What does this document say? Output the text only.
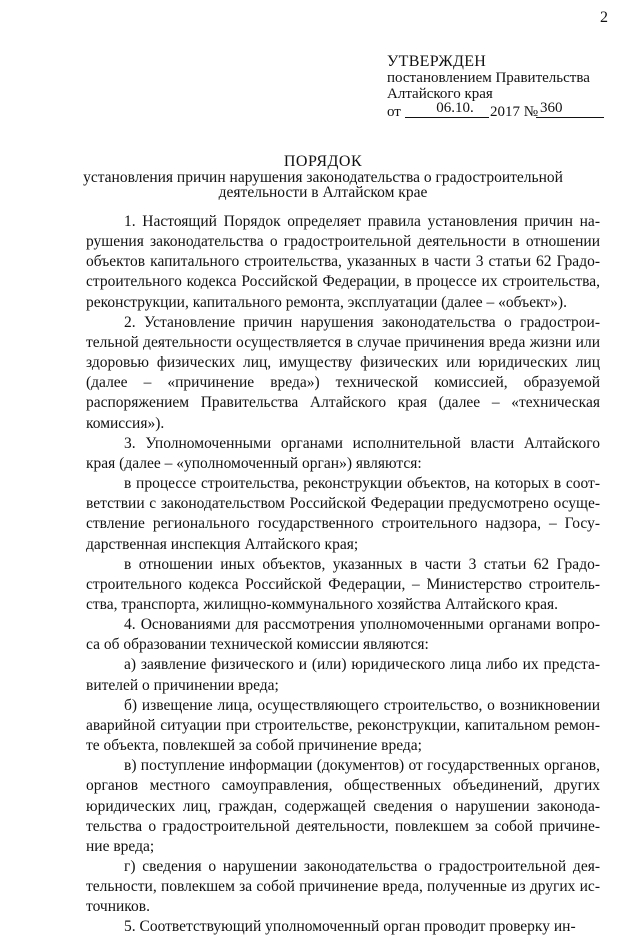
2
УТВЕРЖДЕН
постановлением Правительства
Алтайского края
от	06.10.	2017 № 360
ПОРЯДОК
установления причин нарушения законодательства о градостроительной
деятельности в Алтайском крае

1. Настоящий Порядок определяет правила установления причин нарушения законодательства о градостроительной деятельности в отношении объектов капитального строительства, указанных в части 3 статьи 62 Градостроительного кодекса Российской Федерации, в процессе их строительства, реконструкции, капитального ремонта, эксплуатации (далее – «объект»).

2. Установление причин нарушения законодательства о градостроительной деятельности осуществляется в случае причинения вреда жизни или здоровью физических лиц, имуществу физических или юридических лиц (далее – «причинение вреда») технической комиссией, образуемой распоряжением Правительства Алтайского края (далее – «техническая комиссия»).

3. Уполномоченными органами исполнительной власти Алтайского края (далее – «уполномоченный орган») являются:

в процессе строительства, реконструкции объектов, на которых в соответствии с законодательством Российской Федерации предусмотрено осуществление регионального государственного строительного надзора, – Государственная инспекция Алтайского края;

в отношении иных объектов, указанных в части 3 статьи 62 Градостроительного кодекса Российской Федерации, – Министерство строительства, транспорта, жилищно-коммунального хозяйства Алтайского края.

4. Основаниями для рассмотрения уполномоченными органами вопроса об образовании технической комиссии являются:

а) заявление физического и (или) юридического лица либо их представителей о причинении вреда;

б) извещение лица, осуществляющего строительство, о возникновении аварийной ситуации при строительстве, реконструкции, капитальном ремонте объекта, повлекшей за собой причинение вреда;

в) поступление информации (документов) от государственных органов, органов местного самоуправления, общественных объединений, других юридических лиц, граждан, содержащей сведения о нарушении законодательства о градостроительной деятельности, повлекшем за собой причинение вреда;

г) сведения о нарушении законодательства о градостроительной деятельности, повлекшем за собой причинение вреда, полученные из других источников.

5. Соответствующий уполномоченный орган проводит проверку ин-
